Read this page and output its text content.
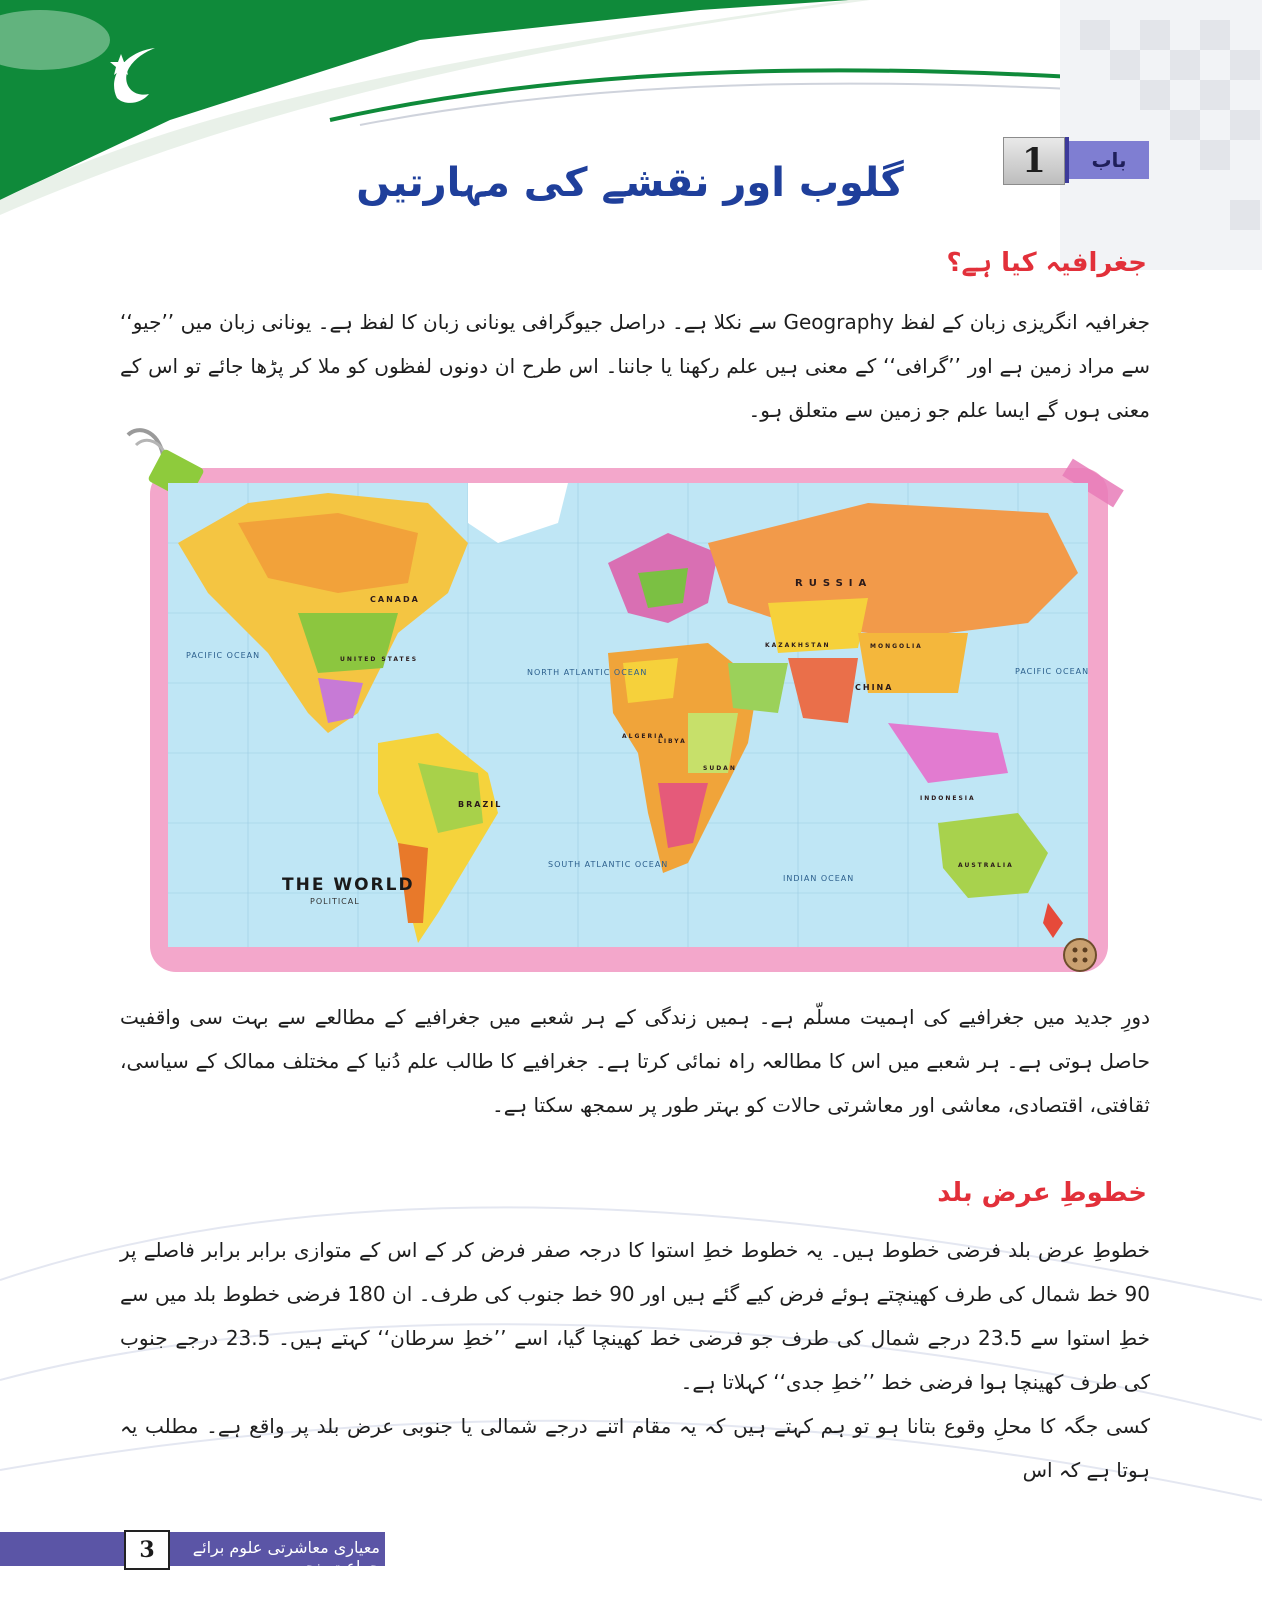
1	باب
گلوب اور نقشے کی مہارتیں
جغرافیہ کیا ہے؟
جغرافیہ انگریزی زبان کے لفظ Geography سے نکلا ہے۔ دراصل جیوگرافی یونانی زبان کا لفظ ہے۔ یونانی زبان میں ’’جیو‘‘ سے مراد زمین ہے اور ’’گرافی‘‘ کے معنی ہیں علم رکھنا یا جاننا۔ اس طرح ان دونوں لفظوں کو ملا کر پڑھا جائے تو اس کے معنی ہوں گے ایسا علم جو زمین سے متعلق ہو۔
PACIFIC OCEAN
NORTH ATLANTIC OCEAN
SOUTH ATLANTIC OCEAN
INDIAN OCEAN
PACIFIC OCEAN
CANADA
UNITED STATES
BRAZIL
RUSSIA
CHINA
KAZAKHSTAN	MONGOLIA
ALGERIA
LIBYA
SUDAN
INDONESIA
AUSTRALIA
THE WORLD
POLITICAL
دورِ جدید میں جغرافیے کی اہمیت مسلّم ہے۔ ہمیں زندگی کے ہر شعبے میں جغرافیے کے مطالعے سے بہت سی واقفیت حاصل ہوتی ہے۔ ہر شعبے میں اس کا مطالعہ راہ نمائی کرتا ہے۔ جغرافیے کا طالب علم دُنیا کے مختلف ممالک کے سیاسی، ثقافتی، اقتصادی، معاشی اور معاشرتی حالات کو بہتر طور پر سمجھ سکتا ہے۔
خطوطِ عرض بلد
خطوطِ عرض بلد فرضی خطوط ہیں۔ یہ خطوط خطِ استوا کا درجہ صفر فرض کر کے اس کے متوازی برابر برابر فاصلے پر 90 خط شمال کی طرف کھینچتے ہوئے فرض کیے گئے ہیں اور 90 خط جنوب کی طرف۔ ان 180 فرضی خطوط بلد میں سے خطِ استوا سے 23.5 درجے شمال کی طرف جو فرضی خط کھینچا گیا، اسے ’’خطِ سرطان‘‘ کہتے ہیں۔ 23.5 درجے جنوب کی طرف کھینچا ہوا فرضی خط ’’خطِ جدی‘‘ کہلاتا ہے۔
کسی جگہ کا محلِ وقوع بتانا ہو تو ہم کہتے ہیں کہ یہ مقام اتنے درجے شمالی یا جنوبی عرض بلد پر واقع ہے۔ مطلب یہ ہوتا ہے کہ اس
3	معیاری معاشرتی علوم برائے جماعت پنجم
